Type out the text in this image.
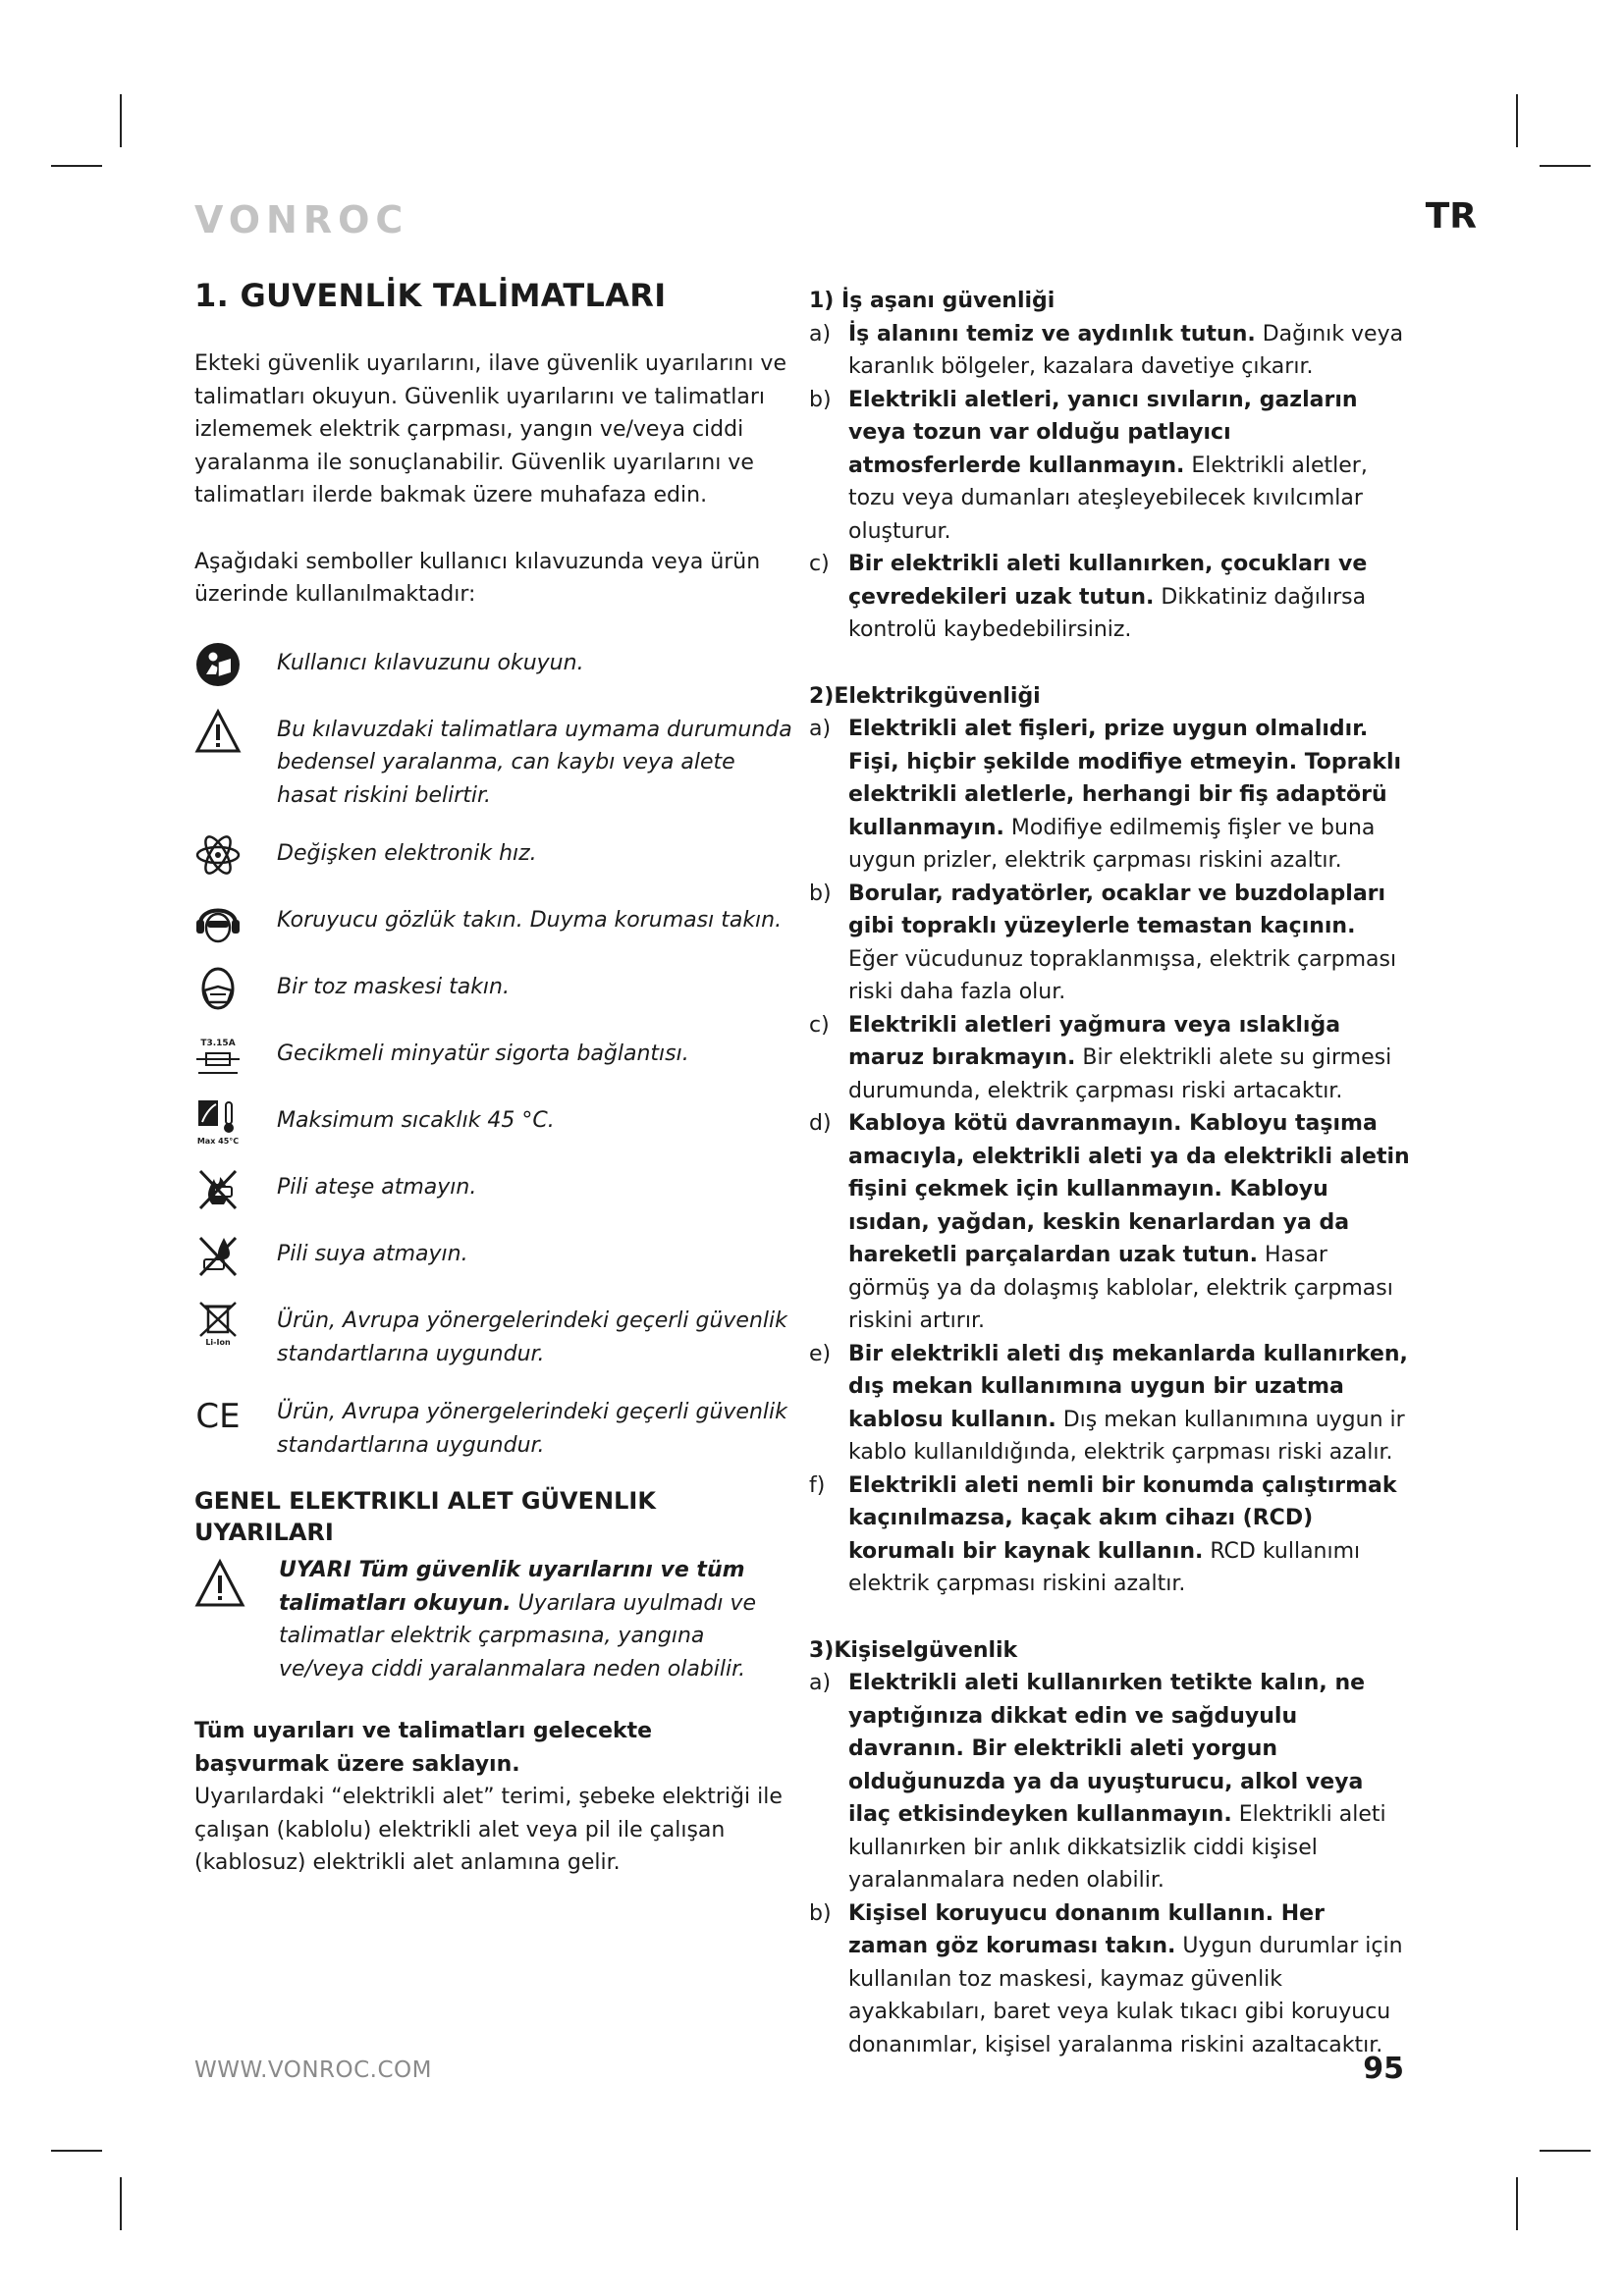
VONROC	TR
1. GUVENLİK TALİMATLARI

Ekteki güvenlik uyarılarını, ilave güvenlik uyarılarını ve talimatları okuyun. Güvenlik uyarılarını ve talimatları izlememek elektrik çarpması, yangın ve/veya ciddi yaralanma ile sonuçlanabilir. Güvenlik uyarılarını ve talimatları ilerde bakmak üzere muhafaza edin.

Aşağıdaki semboller kullanıcı kılavuzunda veya ürün üzerinde kullanılmaktadır:

Kullanıcı kılavuzunu okuyun.
Bu kılavuzdaki talimatlara uymama durumunda bedensel yaralanma, can kaybı veya alete hasat riskini belirtir.
Değişken elektronik hız.
Koruyucu gözlük takın. Duyma koruması takın.
Bir toz maskesi takın.
T3.15A Gecikmeli minyatür sigorta bağlantısı.
Max 45°C
Maksimum sıcaklık 45 °C.
Pili ateşe atmayın.
Pili suya atmayın.
Li-Ion
Ürün, Avrupa yönergelerindeki geçerli güvenlik standartlarına uygundur.
CE Ürün, Avrupa yönergelerindeki geçerli güvenlik standartlarına uygundur.
GENEL ELEKTRIKLI ALET GÜVENLIK UYARILARI
UYARI Tüm güvenlik uyarılarını ve tüm talimatları okuyun. Uyarılara uyulmadı ve talimatlar elektrik çarpmasına, yangına ve/veya ciddi yaralanmalara neden olabilir.

Tüm uyarıları ve talimatları gelecekte başvurmak üzere saklayın.

Uyarılardaki “elektrikli alet” terimi, şebeke elektriği ile çalışan (kablolu) elektrikli alet veya pil ile çalışan (kablosuz) elektrikli alet anlamına gelir.

1) İş aşanı güvenliği

a) İş alanını temiz ve aydınlık tutun. Dağınık veya karanlık bölgeler, kazalara davetiye çıkarır.
b) Elektrikli aletleri, yanıcı sıvıların, gazların veya tozun var olduğu patlayıcı atmosferlerde kullanmayın. Elektrikli aletler, tozu veya dumanları ateşleyebilecek kıvılcımlar oluşturur.
c) Bir elektrikli aleti kullanırken, çocukları ve çevredekileri uzak tutun. Dikkatiniz dağılırsa kontrolü kaybedebilirsiniz.

2)Elektrikgüvenliği

a) Elektrikli alet fişleri, prize uygun olmalıdır. Fişi, hiçbir şekilde modifiye etmeyin. Topraklı elektrikli aletlerle, herhangi bir fiş adaptörü kullanmayın. Modifiye edilmemiş fişler ve buna uygun prizler, elektrik çarpması riskini azaltır.
b) Borular, radyatörler, ocaklar ve buzdolapları gibi topraklı yüzeylerle temastan kaçının. Eğer vücudunuz topraklanmışsa, elektrik çarpması riski daha fazla olur.
c) Elektrikli aletleri yağmura veya ıslaklığa maruz bırakmayın. Bir elektrikli alete su girmesi durumunda, elektrik çarpması riski artacaktır.
d) Kabloya kötü davranmayın. Kabloyu taşıma amacıyla, elektrikli aleti ya da elektrikli aletin fişini çekmek için kullanmayın. Kabloyu ısıdan, yağdan, keskin kenarlardan ya da hareketli parçalardan uzak tutun. Hasar görmüş ya da dolaşmış kablolar, elektrik çarpması riskini artırır.
e) Bir elektrikli aleti dış mekanlarda kullanırken, dış mekan kullanımına uygun bir uzatma kablosu kullanın. Dış mekan kullanımına uygun ir kablo kullanıldığında, elektrik çarpması riski azalır.
f)	Elektrikli aleti nemli bir konumda çalıştırmak kaçınılmazsa, kaçak akım cihazı (RCD) korumalı bir kaynak kullanın. RCD kullanımı elektrik çarpması riskini azaltır.

3)Kişiselgüvenlik

a) Elektrikli aleti kullanırken tetikte kalın, ne yaptığınıza dikkat edin ve sağduyulu davranın. Bir elektrikli aleti yorgun olduğunuzda ya da uyuşturucu, alkol veya ilaç etkisindeyken kullanmayın. Elektrikli aleti kullanırken bir anlık dikkatsizlik ciddi kişisel yaralanmalara neden olabilir.
b) Kişisel koruyucu donanım kullanın. Her zaman göz koruması takın. Uygun durumlar için kullanılan toz maskesi, kaymaz güvenlik ayakkabıları, baret veya kulak tıkacı gibi koruyucu donanımlar, kişisel yaralanma riskini azaltacaktır.
WWW.VONROC.COM	95
